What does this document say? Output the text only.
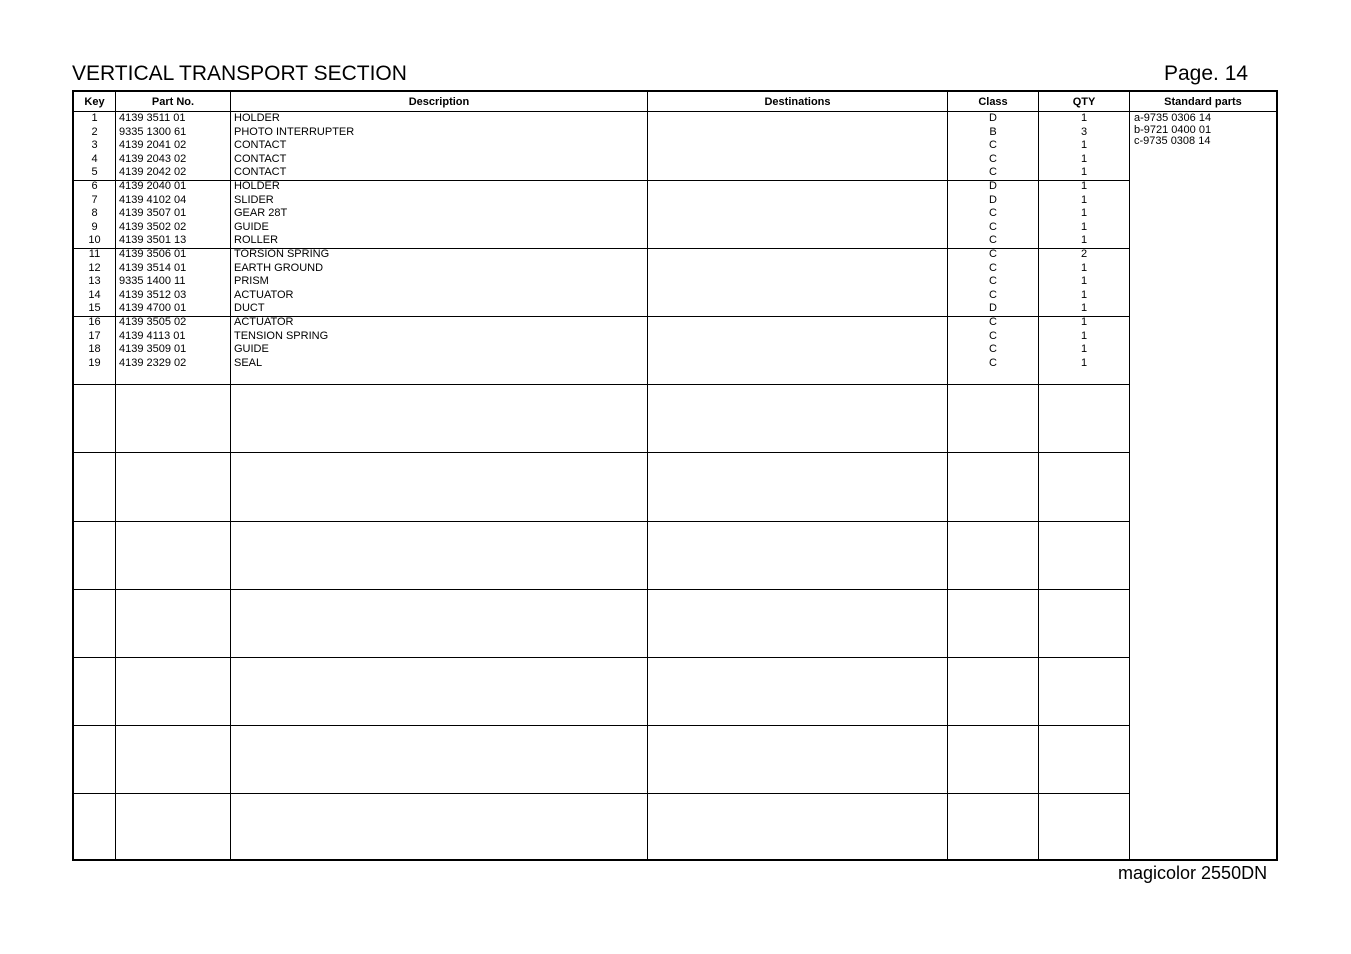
VERTICAL TRANSPORT SECTION	Page. 14
Key
1
2
3
4
5
6
7
8
9
10
11
12
13
14
15
16
17
18
19
Part No.
4139 3511 01
9335 1300 61
4139 2041 02
4139 2043 02
4139 2042 02
4139 2040 01
4139 4102 04
4139 3507 01
4139 3502 02
4139 3501 13
4139 3506 01
4139 3514 01
9335 1400 11
4139 3512 03
4139 4700 01
4139 3505 02
4139 4113 01
4139 3509 01
4139 2329 02
Description
HOLDER
PHOTO INTERRUPTER
CONTACT
CONTACT
CONTACT
HOLDER
SLIDER
GEAR 28T
GUIDE
ROLLER
TORSION SPRING
EARTH GROUND
PRISM
ACTUATOR
DUCT
ACTUATOR
TENSION SPRING
GUIDE
SEAL
Destinations

	Class
D
B
C
C
C
D
D
C
C
C
C
C
C
C
D
C
C
C
C
QTY
1
3
1
1
1
1
1
1
1
1
2
1
1
1
1
1
1
1
1
Standard parts
a-9735 0306 14
b-9721 0400 01
c-9735 0308 14
magicolor 2550DN
